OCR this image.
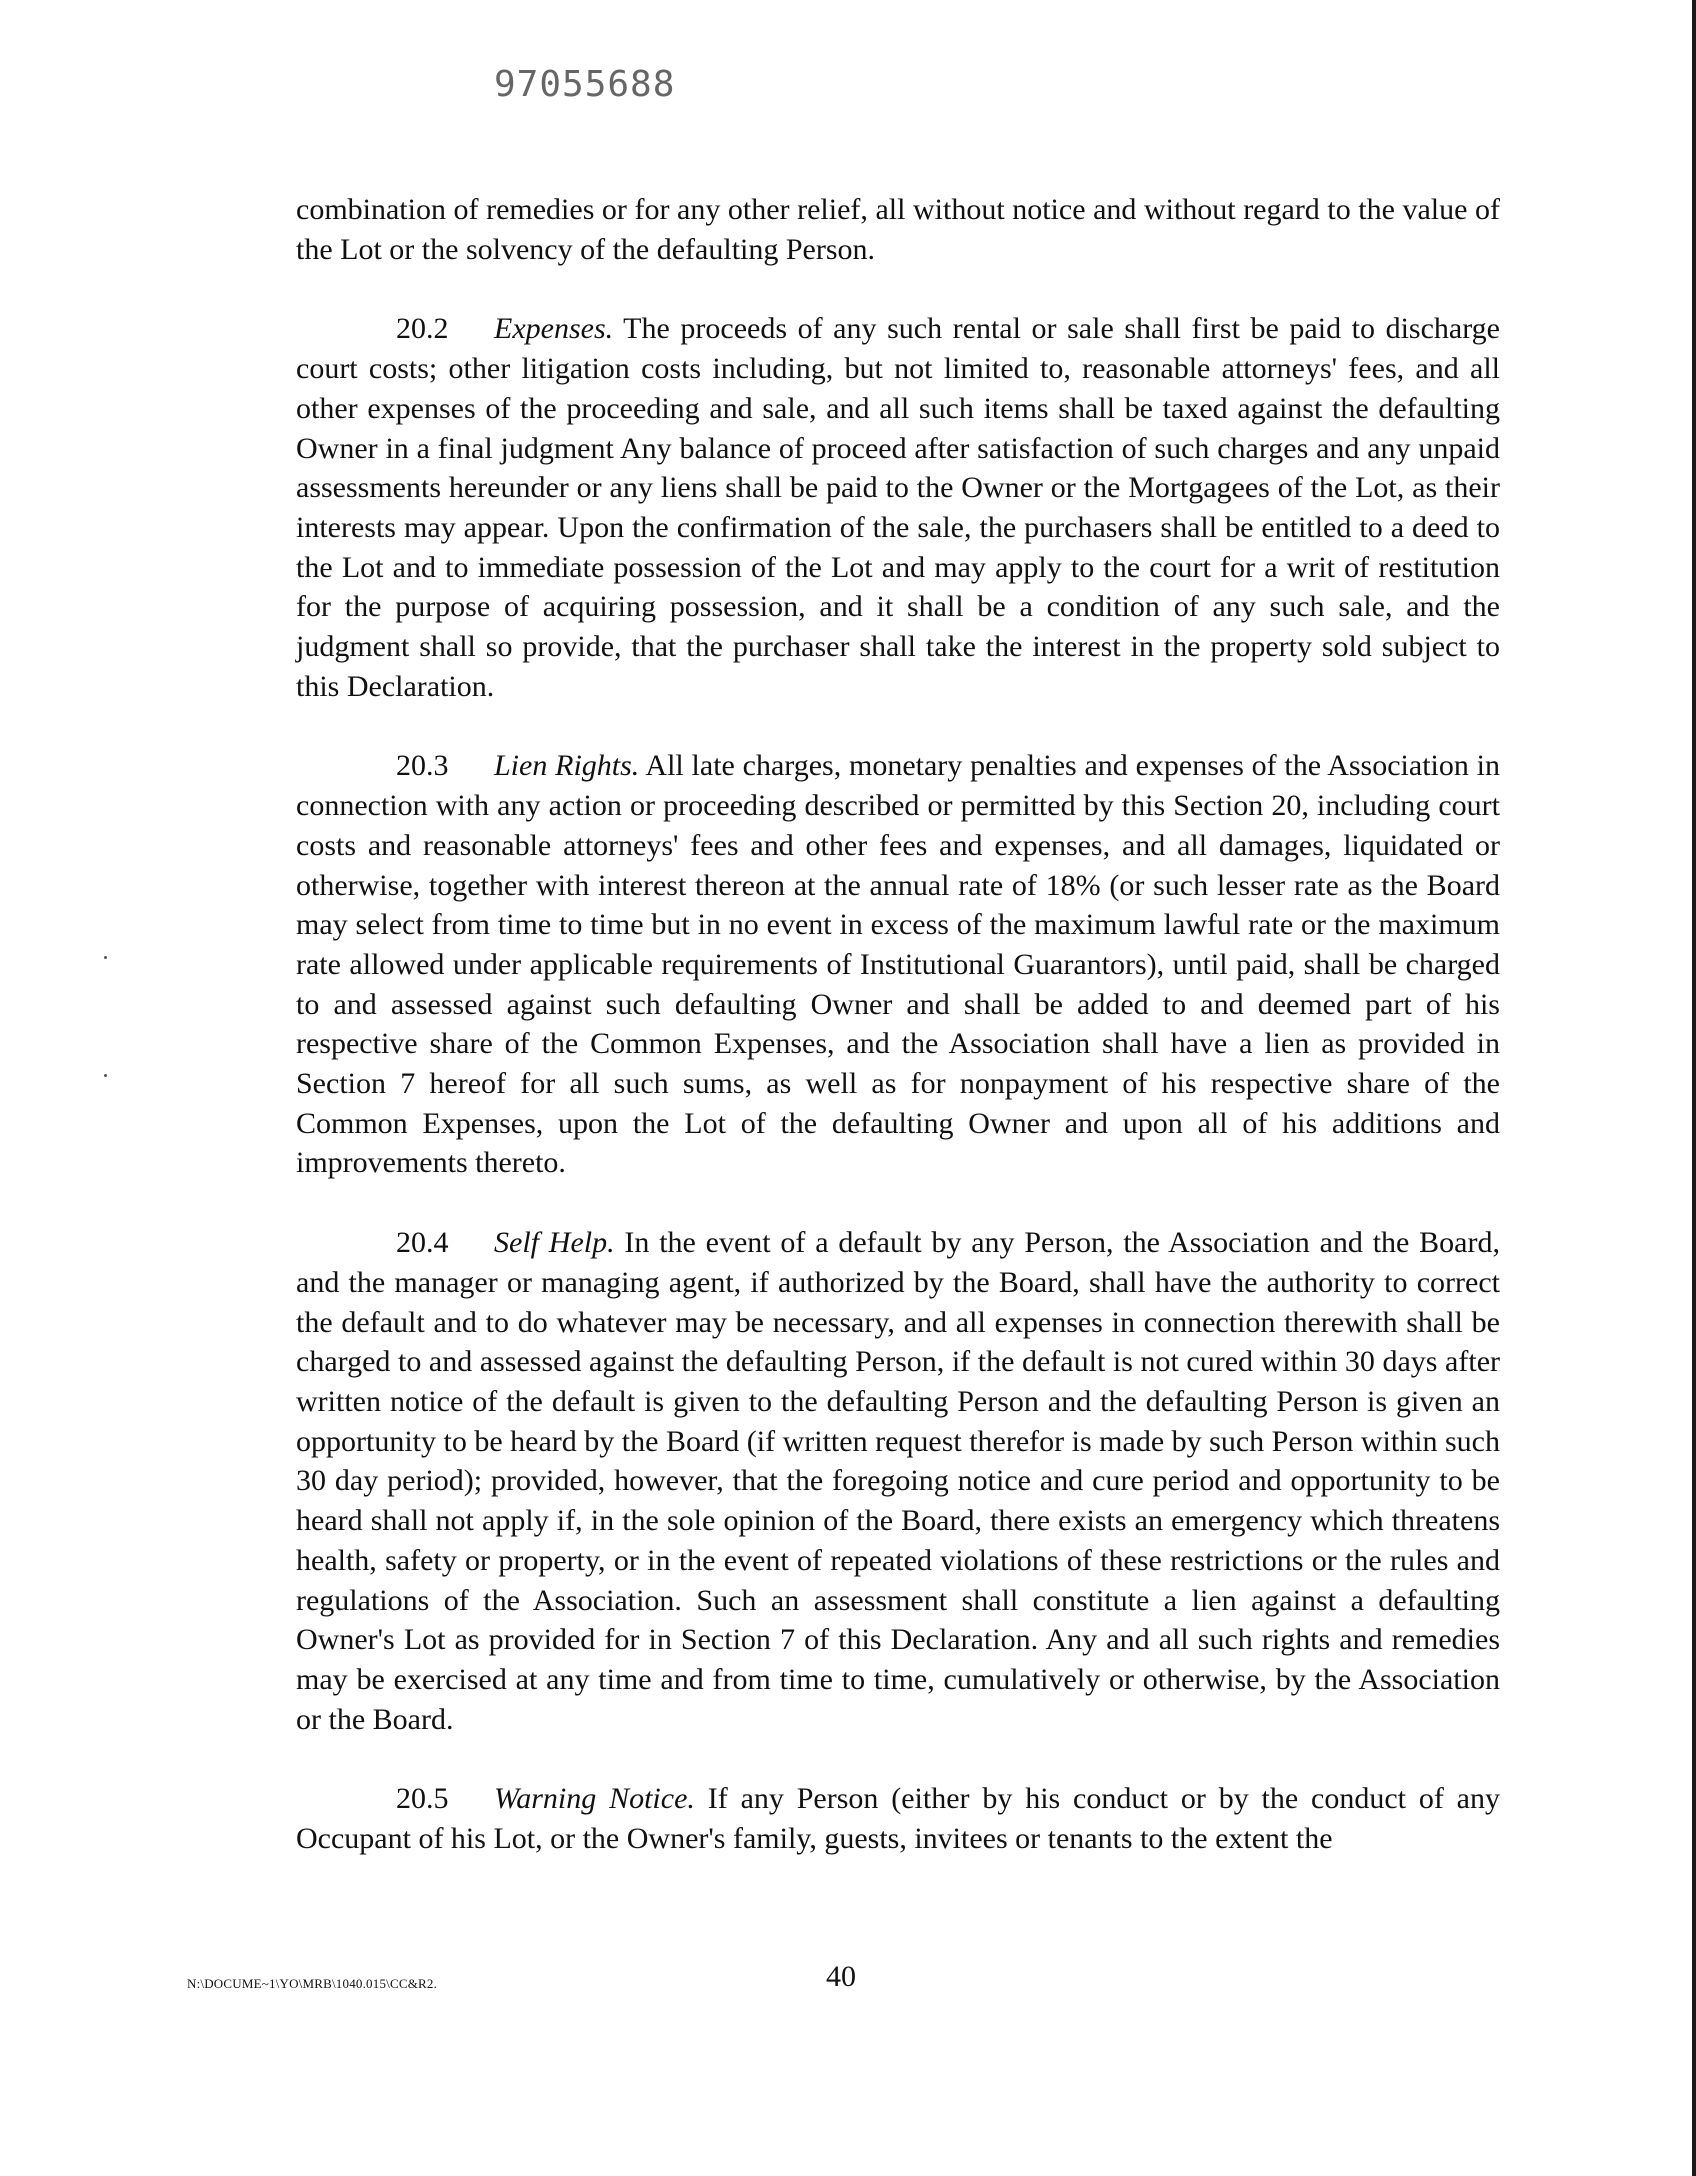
97055688

combination of remedies or for any other relief, all without notice and without regard to the value of the Lot or the solvency of the defaulting Person.

20.2 Expenses. The proceeds of any such rental or sale shall first be paid to discharge court costs; other litigation costs including, but not limited to, reasonable attorneys' fees, and all other expenses of the proceeding and sale, and all such items shall be taxed against the defaulting Owner in a final judgment Any balance of proceed after satisfaction of such charges and any unpaid assessments hereunder or any liens shall be paid to the Owner or the Mortgagees of the Lot, as their interests may appear. Upon the confirmation of the sale, the purchasers shall be entitled to a deed to the Lot and to immediate possession of the Lot and may apply to the court for a writ of restitution for the purpose of acquiring possession, and it shall be a condition of any such sale, and the judgment shall so provide, that the purchaser shall take the interest in the property sold subject to this Declaration.

20.3 Lien Rights. All late charges, monetary penalties and expenses of the Association in connection with any action or proceeding described or permitted by this Section 20, including court costs and reasonable attorneys' fees and other fees and expenses, and all damages, liquidated or otherwise, together with interest thereon at the annual rate of 18% (or such lesser rate as the Board may select from time to time but in no event in excess of the maximum lawful rate or the maximum rate allowed under applicable requirements of Institutional Guarantors), until paid, shall be charged to and assessed against such defaulting Owner and shall be added to and deemed part of his respective share of the Common Expenses, and the Association shall have a lien as provided in Section 7 hereof for all such sums, as well as for nonpayment of his respective share of the Common Expenses, upon the Lot of the defaulting Owner and upon all of his additions and improvements thereto.

20.4 Self Help. In the event of a default by any Person, the Association and the Board, and the manager or managing agent, if authorized by the Board, shall have the authority to correct the default and to do whatever may be necessary, and all expenses in connection therewith shall be charged to and assessed against the defaulting Person, if the default is not cured within 30 days after written notice of the default is given to the defaulting Person and the defaulting Person is given an opportunity to be heard by the Board (if written request therefor is made by such Person within such 30 day period); provided, however, that the foregoing notice and cure period and opportunity to be heard shall not apply if, in the sole opinion of the Board, there exists an emergency which threatens health, safety or property, or in the event of repeated violations of these restrictions or the rules and regulations of the Association. Such an assessment shall constitute a lien against a defaulting Owner's Lot as provided for in Section 7 of this Declaration. Any and all such rights and remedies may be exercised at any time and from time to time, cumulatively or otherwise, by the Association or the Board.

20.5 Warning Notice. If any Person (either by his conduct or by the conduct of any Occupant of his Lot, or the Owner's family, guests, invitees or tenants to the extent the

N:\DOCUME~1\YO\MRB\1040.015\CC&R2.	40
